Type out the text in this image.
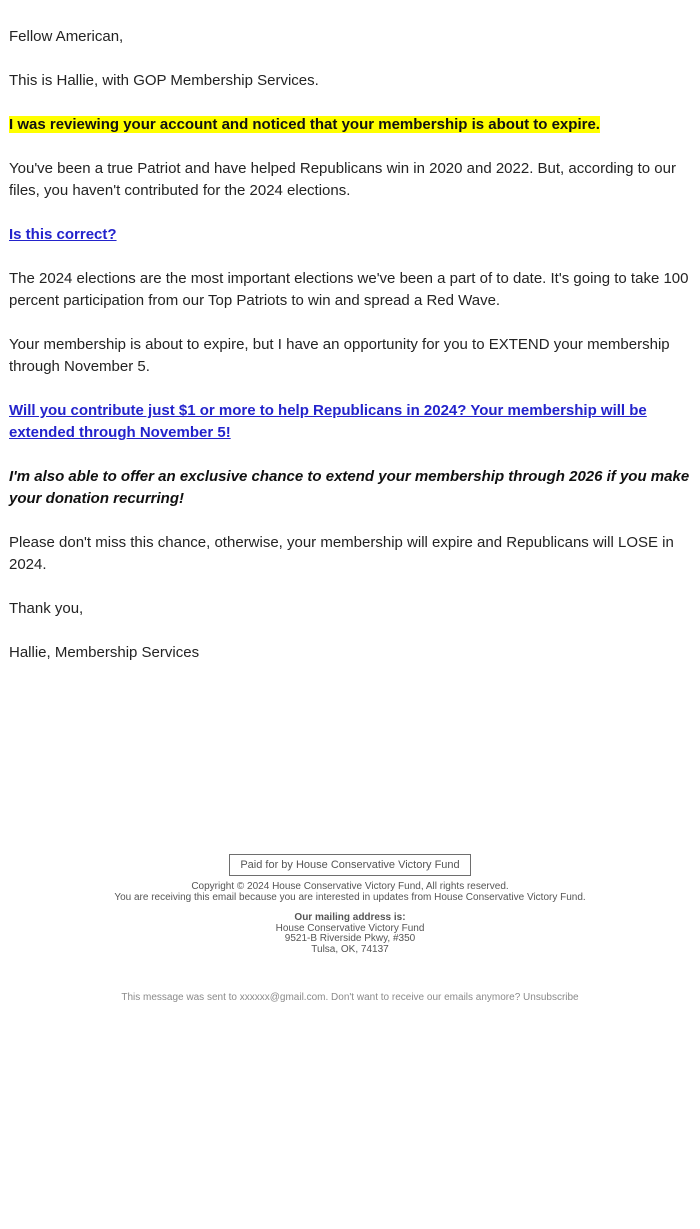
Fellow American,

This is Hallie, with GOP Membership Services.

I was reviewing your account and noticed that your membership is about to expire.

You've been a true Patriot and have helped Republicans win in 2020 and 2022. But, according to our files, you haven't contributed for the 2024 elections.

Is this correct?

The 2024 elections are the most important elections we've been a part of to date. It's going to take 100 percent participation from our Top Patriots to win and spread a Red Wave.

Your membership is about to expire, but I have an opportunity for you to EXTEND your membership through November 5.

Will you contribute just $1 or more to help Republicans in 2024? Your membership will be extended through November 5!

I'm also able to offer an exclusive chance to extend your membership through 2026 if you make your donation recurring!

Please don't miss this chance, otherwise, your membership will expire and Republicans will LOSE in 2024.

Thank you,

Hallie, Membership Services

Paid for by House Conservative Victory Fund
Copyright © 2024 House Conservative Victory Fund, All rights reserved.
You are receiving this email because you are interested in updates from House Conservative Victory Fund.
Our mailing address is:
House Conservative Victory Fund
9521-B Riverside Pkwy, #350
Tulsa, OK, 74137
This message was sent to xxxxxx@gmail.com. Don't want to receive our emails anymore? Unsubscribe
